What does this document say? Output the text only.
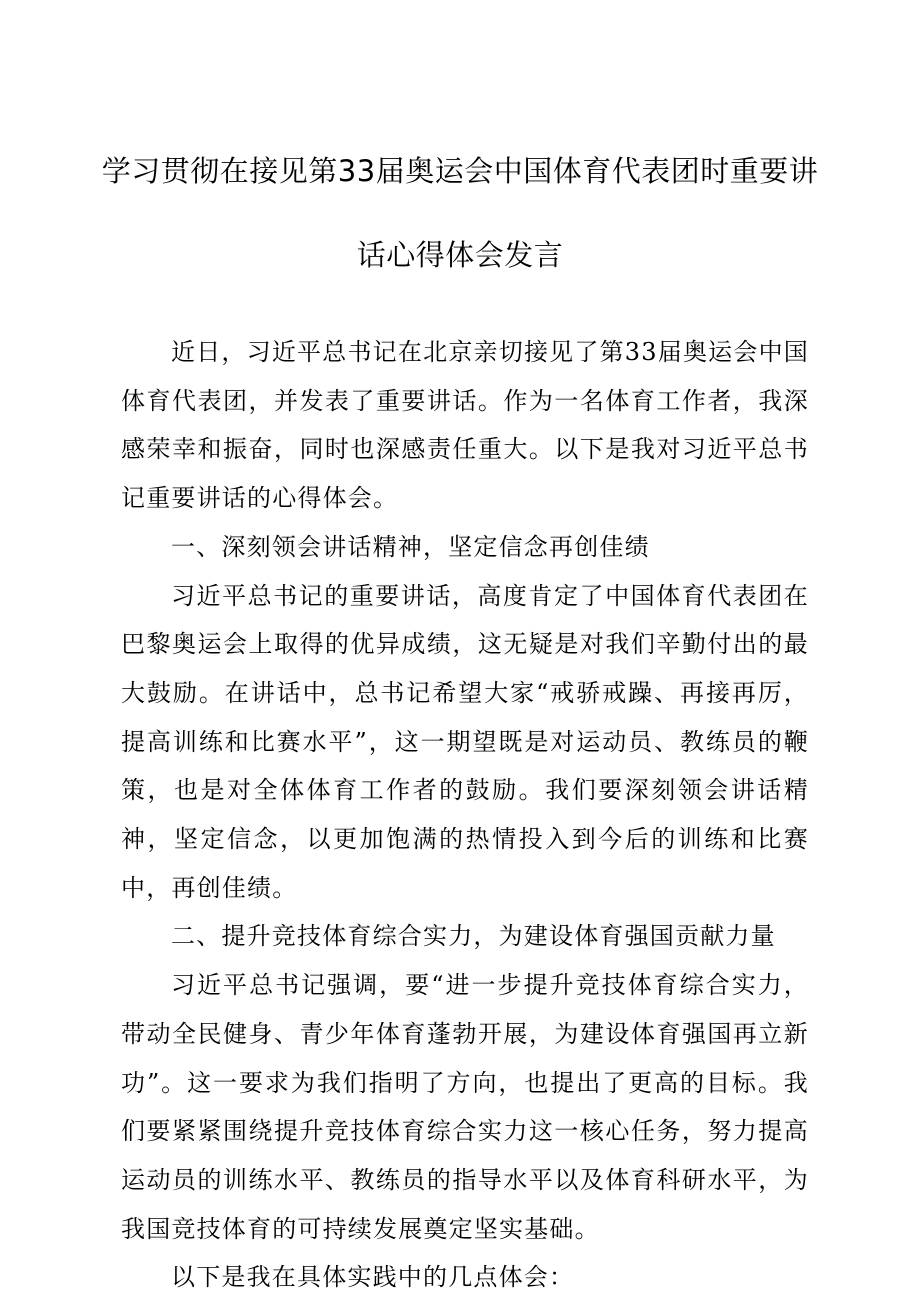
学习贯彻在接见第33届奥运会中国体育代表团时重要讲
话心得体会发言

近日，习近平总书记在北京亲切接见了第33届奥运会中国体育代表团，并发表了重要讲话。作为一名体育工作者，我深感荣幸和振奋，同时也深感责任重大。以下是我对习近平总书记重要讲话的心得体会。

一、深刻领会讲话精神，坚定信念再创佳绩

习近平总书记的重要讲话，高度肯定了中国体育代表团在巴黎奥运会上取得的优异成绩，这无疑是对我们辛勤付出的最大鼓励。在讲话中，总书记希望大家“戒骄戒躁、再接再厉，提高训练和比赛水平”，这一期望既是对运动员、教练员的鞭策，也是对全体体育工作者的鼓励。我们要深刻领会讲话精神，坚定信念，以更加饱满的热情投入到今后的训练和比赛中，再创佳绩。

二、提升竞技体育综合实力，为建设体育强国贡献力量

习近平总书记强调，要“进一步提升竞技体育综合实力，带动全民健身、青少年体育蓬勃开展，为建设体育强国再立新功”。这一要求为我们指明了方向，也提出了更高的目标。我们要紧紧围绕提升竞技体育综合实力这一核心任务，努力提高运动员的训练水平、教练员的指导水平以及体育科研水平，为我国竞技体育的可持续发展奠定坚实基础。

以下是我在具体实践中的几点体会：
